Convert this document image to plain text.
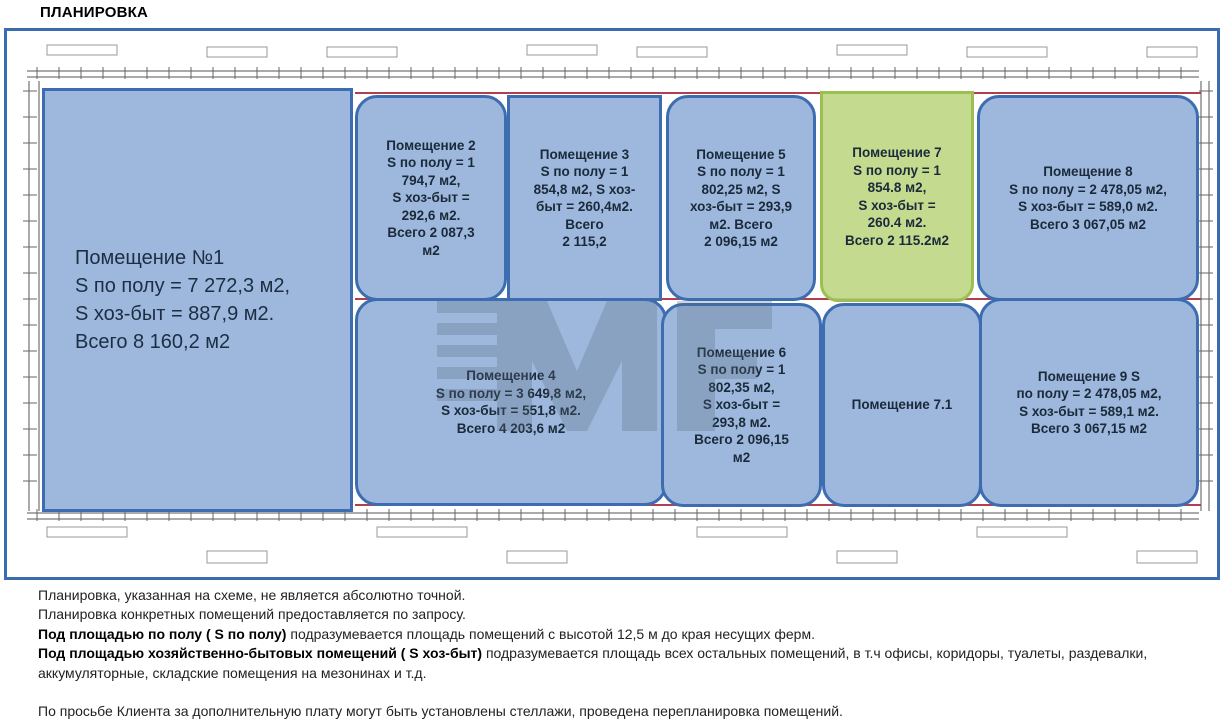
ПЛАНИРОВКА
Помещение №1
S по полу = 7 272,3 м2,
S хоз-быт = 887,9 м2.
Всего 8 160,2 м2
Помещение 2
S по полу = 1
794,7 м2,
S хоз-быт =
292,6 м2.
Всего 2 087,3
м2
Помещение 3
S по полу = 1
854,8 м2, S хоз-
быт = 260,4м2.
Всего
2 115,2
Помещение 5
S по полу = 1
802,25 м2, S
хоз-быт = 293,9
м2. Всего
2 096,15 м2
Помещение 7
S по полу = 1
854.8 м2,
S хоз-быт =
260.4 м2.
Всего 2 115.2м2
Помещение 8
S по полу = 2 478,05 м2,
S хоз-быт = 589,0 м2.
Всего 3 067,05 м2
Помещение 4
S по полу = 3 649,8 м2,
S хоз-быт = 551,8 м2.
Всего 4 203,6 м2
Помещение 6
S по полу = 1
802,35 м2,
S хоз-быт =
293,8 м2.
Всего 2 096,15
м2
Помещение 7.1
Помещение 9 S
по полу = 2 478,05 м2,
S хоз-быт = 589,1 м2.
Всего 3 067,15 м2

Планировка, указанная на схеме, не является абсолютно точной.

Планировка конкретных помещений предоставляется по запросу.

Под площадью по полу ( S по полу) подразумевается площадь помещений с высотой 12,5 м до края несущих ферм.

Под площадью хозяйственно-бытовых помещений ( S хоз-быт) подразумевается площадь всех остальных помещений, в т.ч офисы, коридоры, туалеты, раздевалки, аккумуляторные, складские помещения на мезонинах и т.д.

По просьбе Клиента за дополнительную плату могут быть установлены стеллажи, проведена перепланировка помещений.
